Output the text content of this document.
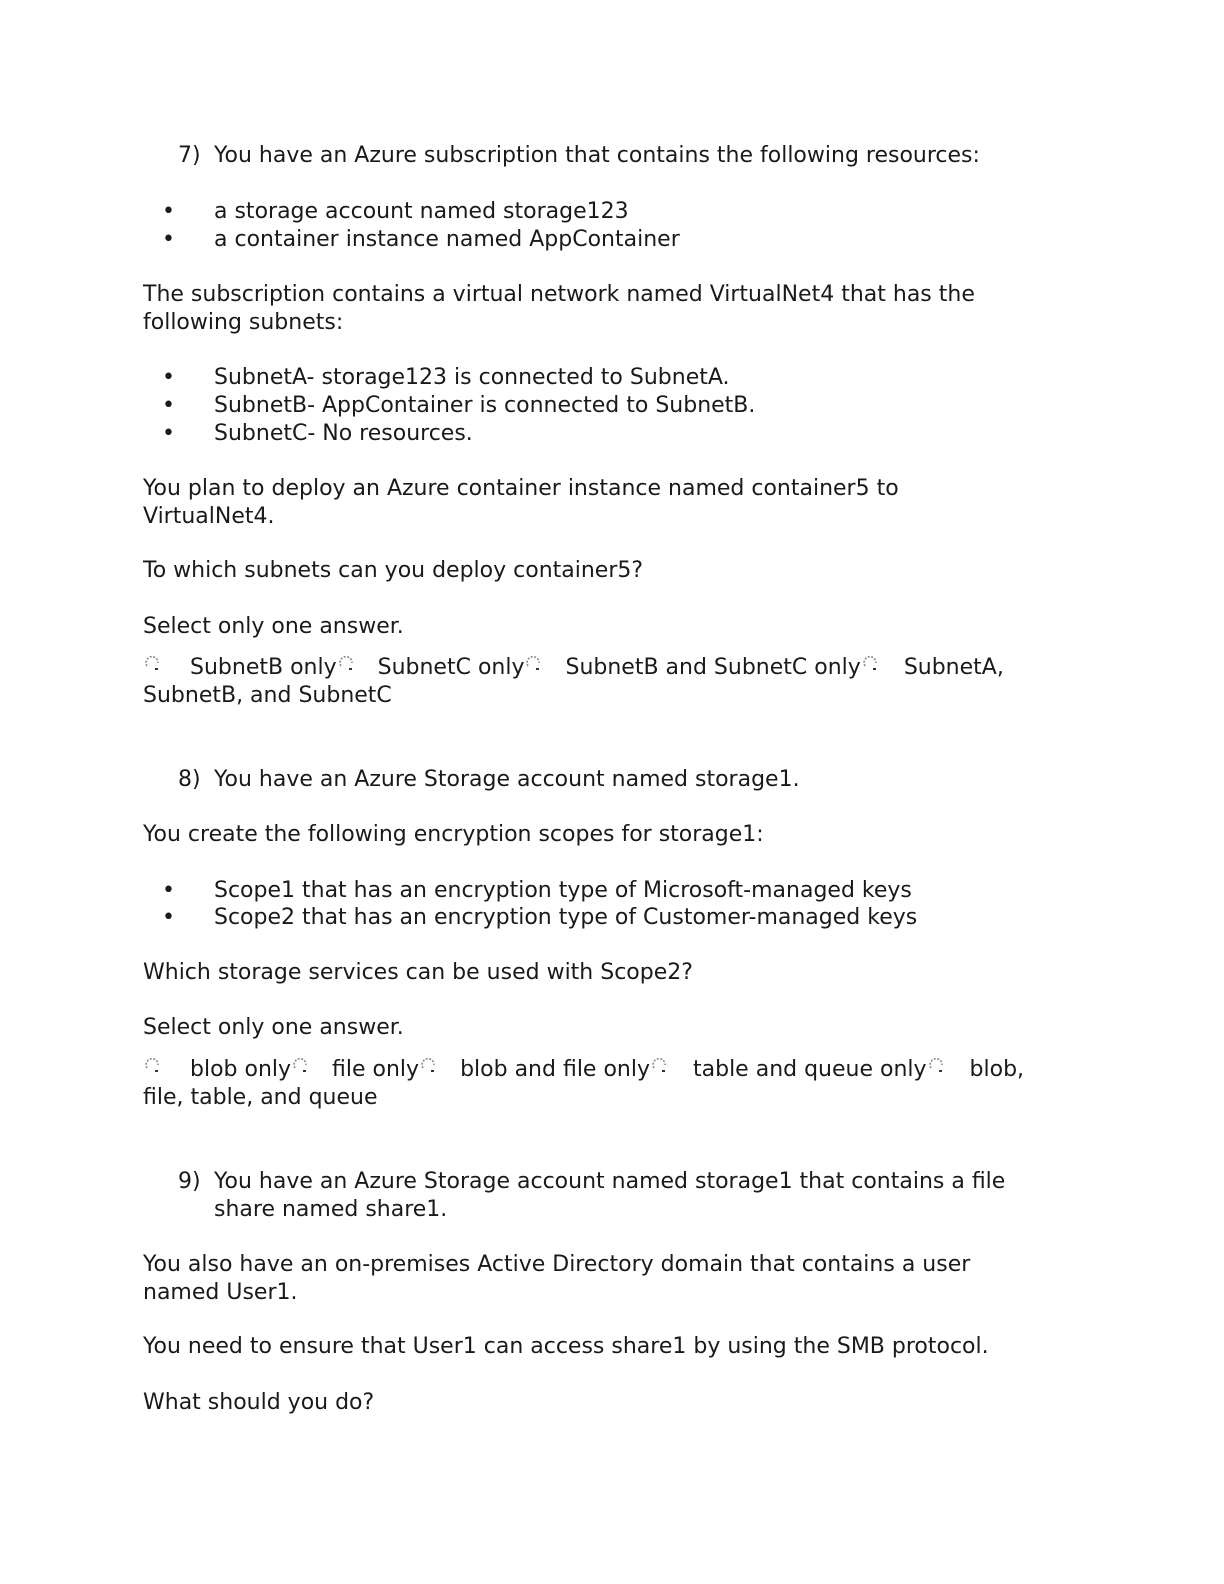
7) You have an Azure subscription that contains the following resources:
• a storage account named storage123
• a container instance named AppContainer
The subscription contains a virtual network named VirtualNet4 that has the
following subnets:
• SubnetA- storage123 is connected to SubnetA.
• SubnetB- AppContainer is connected to SubnetB.
• SubnetC- No resources.
You plan to deploy an Azure container instance named container5 to
VirtualNet4.
To which subnets can you deploy container5?
Select only one answer.
SubnetB only SubnetC only SubnetB and SubnetC only SubnetA,
SubnetB, and SubnetC
8) You have an Azure Storage account named storage1.
You create the following encryption scopes for storage1:
• Scope1 that has an encryption type of Microsoft-managed keys
• Scope2 that has an encryption type of Customer-managed keys
Which storage services can be used with Scope2?
Select only one answer.
blob only file only blob and file only table and queue only blob,
file, table, and queue
9) You have an Azure Storage account named storage1 that contains a file
share named share1.
You also have an on-premises Active Directory domain that contains a user
named User1.
You need to ensure that User1 can access share1 by using the SMB protocol.
What should you do?
